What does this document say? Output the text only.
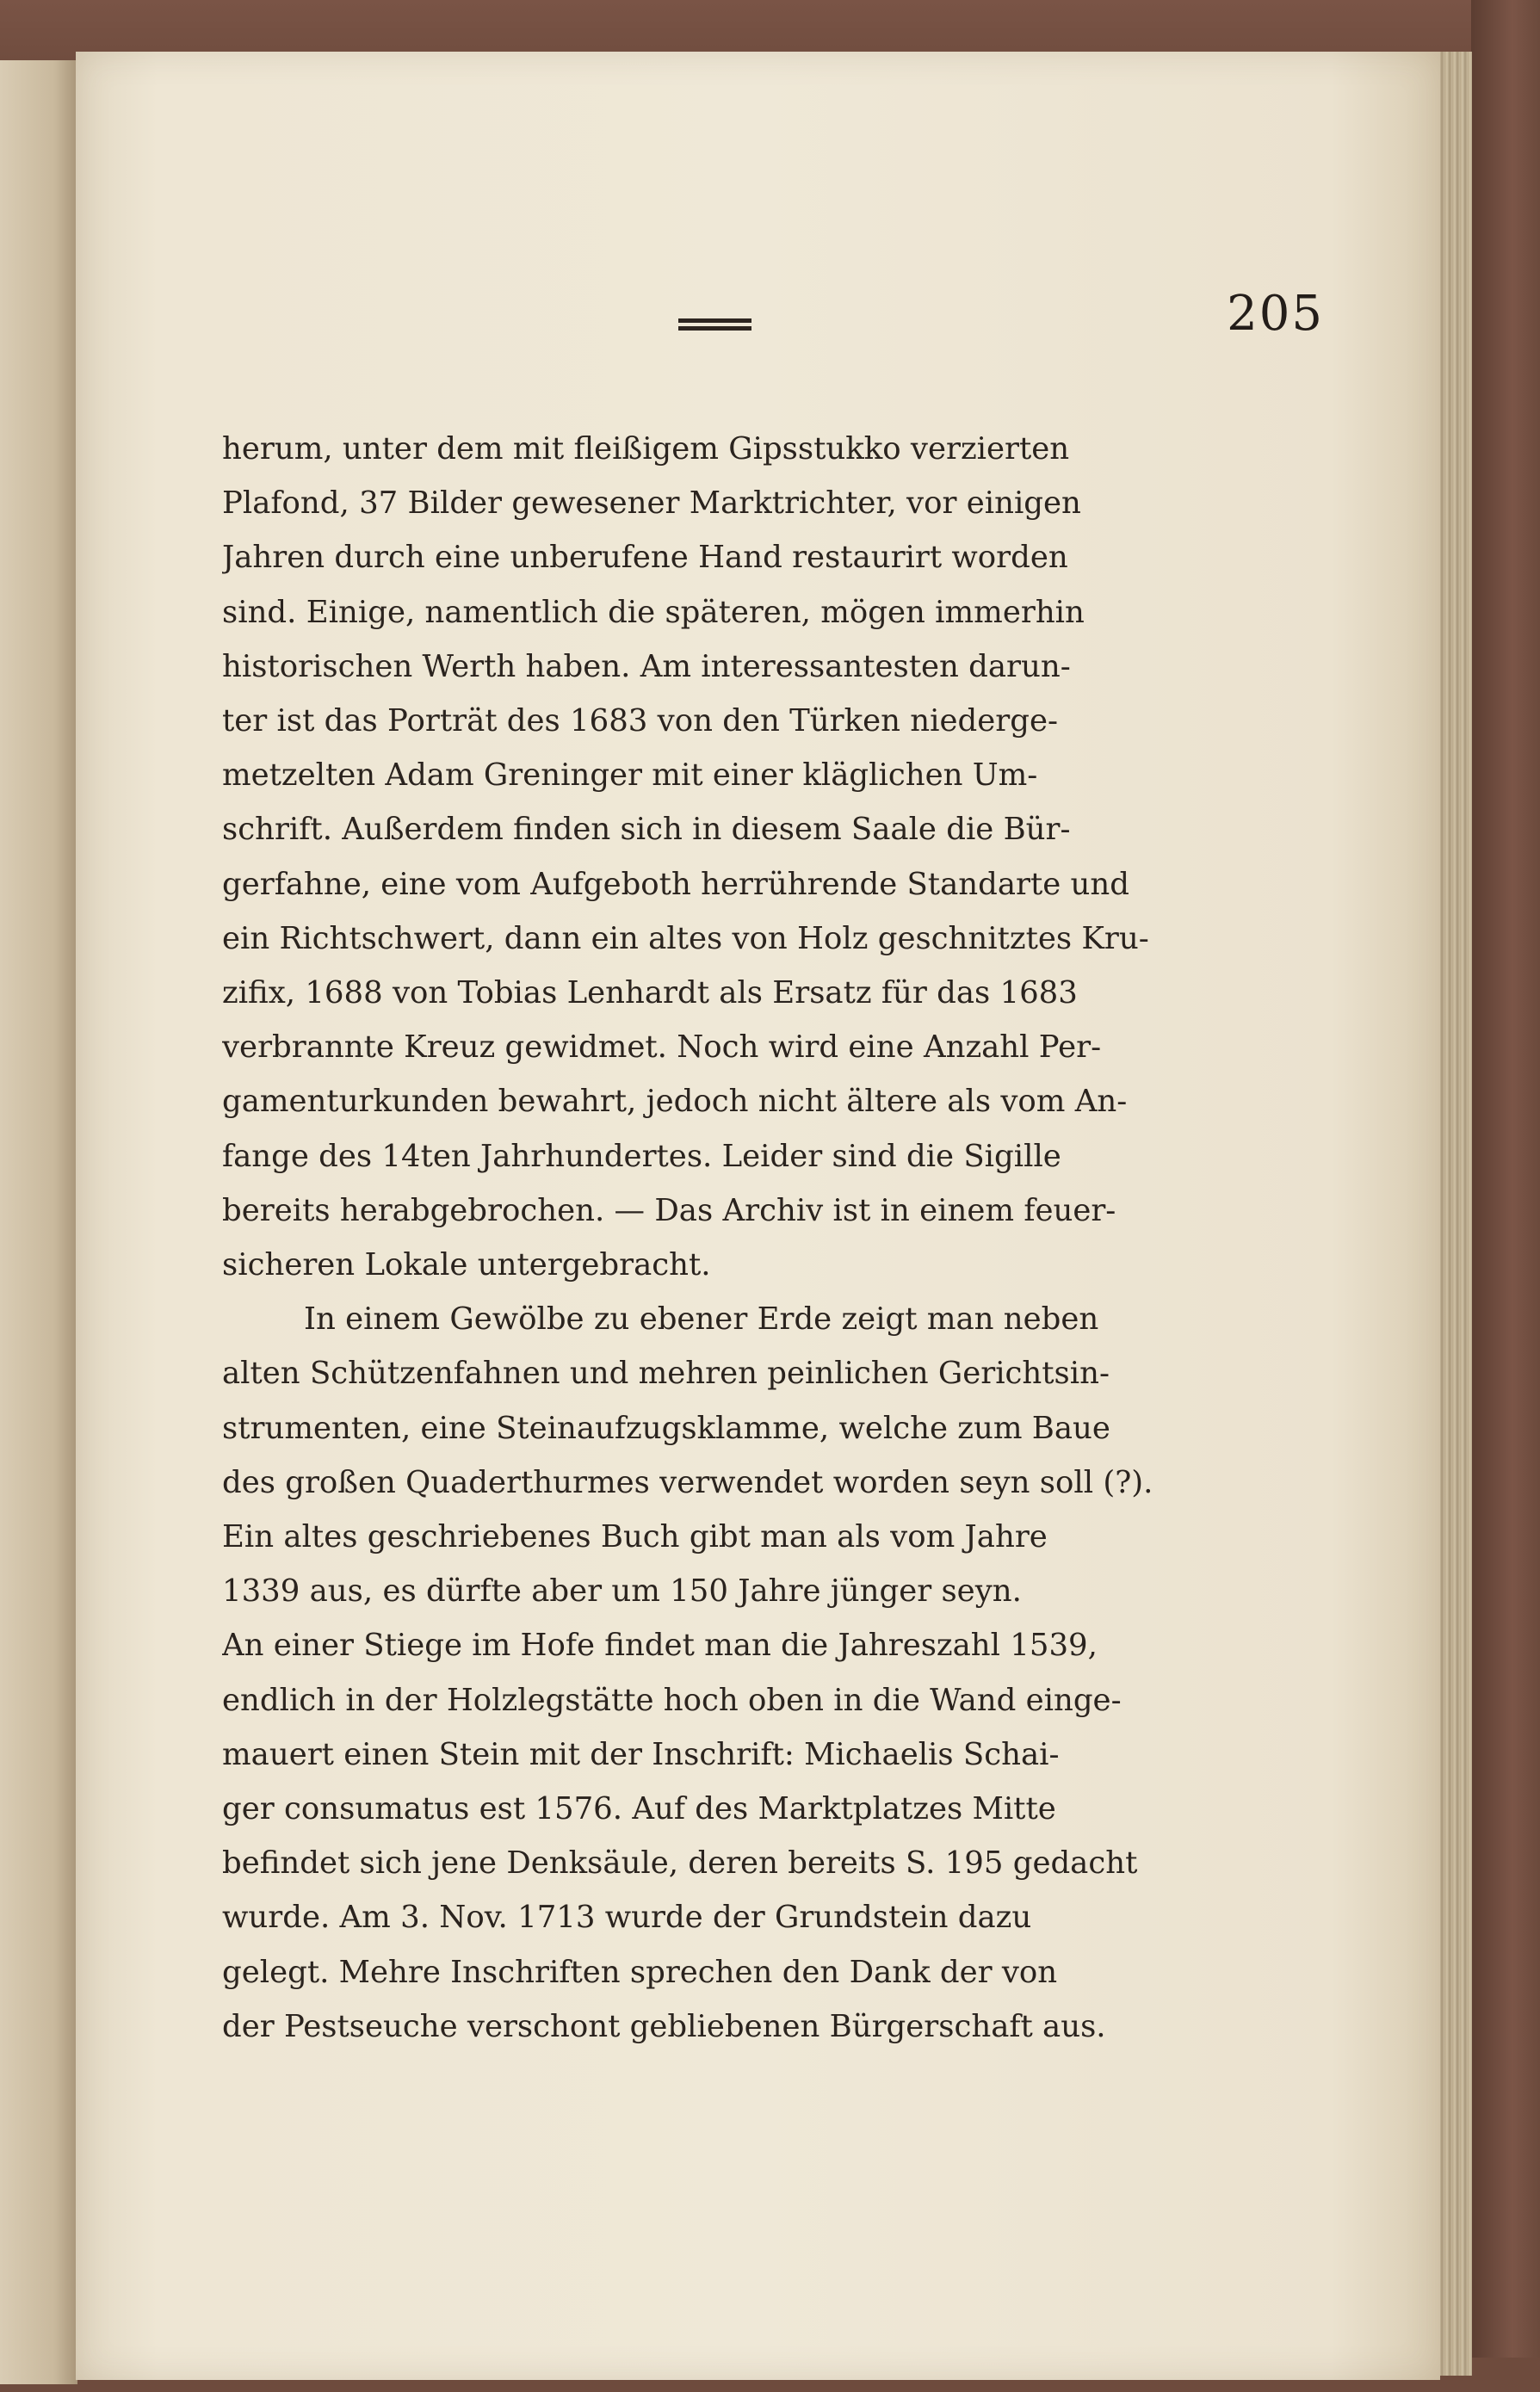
205
herum, unter dem mit fleißigem Gipsstukko verzierten
Plafond, 37 Bilder gewesener Marktrichter, vor einigen
Jahren durch eine unberufene Hand restaurirt worden
sind. Einige, namentlich die späteren, mögen immerhin
historischen Werth haben. Am interessantesten darun-
ter ist das Porträt des 1683 von den Türken niederge-
metzelten Adam Greninger mit einer kläglichen Um-
schrift. Außerdem finden sich in diesem Saale die Bür-
gerfahne, eine vom Aufgeboth herrührende Standarte und
ein Richtschwert, dann ein altes von Holz geschnitztes Kru-
zifix, 1688 von Tobias Lenhardt als Ersatz für das 1683
verbrannte Kreuz gewidmet. Noch wird eine Anzahl Per-
gamenturkunden bewahrt, jedoch nicht ältere als vom An-
fange des 14ten Jahrhundertes. Leider sind die Sigille
bereits herabgebrochen. — Das Archiv ist in einem feuer-
sicheren Lokale untergebracht.
In einem Gewölbe zu ebener Erde zeigt man neben
alten Schützenfahnen und mehren peinlichen Gerichtsin-
strumenten, eine Steinaufzugsklamme, welche zum Baue
des großen Quaderthurmes verwendet worden seyn soll (?).
Ein altes geschriebenes Buch gibt man als vom Jahre
1339 aus, es dürfte aber um 150 Jahre jünger seyn.
An einer Stiege im Hofe findet man die Jahreszahl 1539,
endlich in der Holzlegstätte hoch oben in die Wand einge-
mauert einen Stein mit der Inschrift: Michaelis Schai-
ger consumatus est 1576. Auf des Marktplatzes Mitte
befindet sich jene Denksäule, deren bereits S. 195 gedacht
wurde. Am 3. Nov. 1713 wurde der Grundstein dazu
gelegt. Mehre Inschriften sprechen den Dank der von
der Pestseuche verschont gebliebenen Bürgerschaft aus.
